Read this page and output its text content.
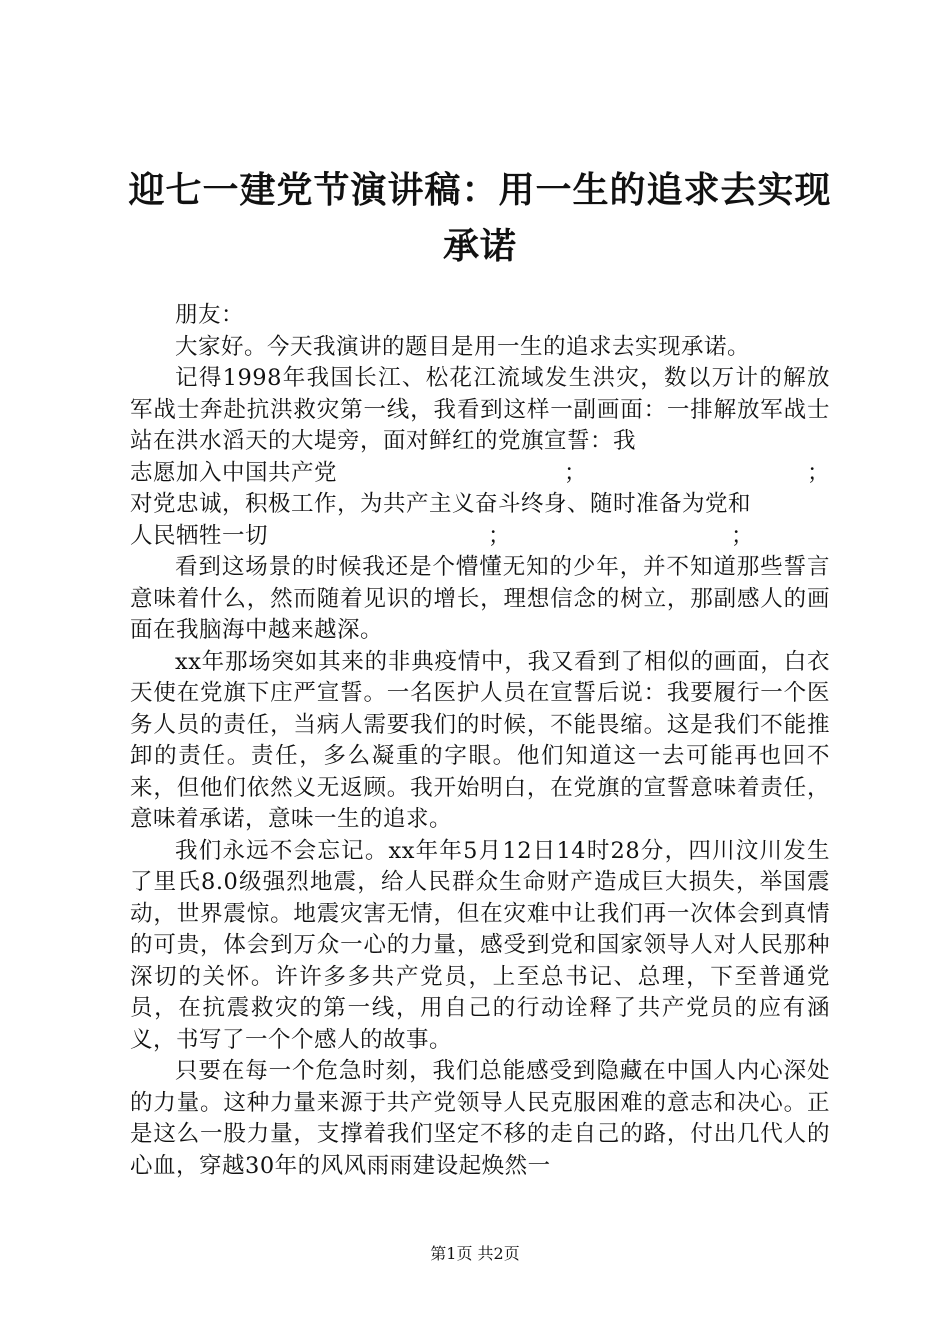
迎七一建党节演讲稿：用一生的追求去实现承诺

朋友：

大家好。今天我演讲的题目是用一生的追求去实现承诺。

记得1998年我国长江、松花江流域发生洪灾，数以万计的解放军战士奔赴抗洪救灾第一线，我看到这样一副画面：一排解放军战士站在洪水滔天的大堤旁，面对鲜红的党旗宣誓：我

志愿加入中国共产党	；	；
对党忠诚，积极工作，为共产主义奋斗终身、随时准备为党和
人民牺牲一切	；	；

看到这场景的时候我还是个懵懂无知的少年，并不知道那些誓言意味着什么，然而随着见识的增长，理想信念的树立，那副感人的画面在我脑海中越来越深。

xx年那场突如其来的非典疫情中，我又看到了相似的画面，白衣天使在党旗下庄严宣誓。一名医护人员在宣誓后说：我要履行一个医务人员的责任，当病人需要我们的时候，不能畏缩。这是我们不能推卸的责任。责任，多么凝重的字眼。他们知道这一去可能再也回不来，但他们依然义无返顾。我开始明白，在党旗的宣誓意味着责任，意味着承诺，意味一生的追求。

我们永远不会忘记。xx年年5月12日14时28分，四川汶川发生了里氏8.0级强烈地震，给人民群众生命财产造成巨大损失，举国震动，世界震惊。地震灾害无情，但在灾难中让我们再一次体会到真情的可贵，体会到万众一心的力量，感受到党和国家领导人对人民那种深切的关怀。许许多多共产党员，上至总书记、总理，下至普通党员，在抗震救灾的第一线，用自己的行动诠释了共产党员的应有涵义，书写了一个个感人的故事。

只要在每一个危急时刻，我们总能感受到隐藏在中国人内心深处的力量。这种力量来源于共产党领导人民克服困难的意志和决心。正是这么一股力量，支撑着我们坚定不移的走自己的路，付出几代人的心血，穿越30年的风风雨雨建设起焕然一

第1页 共2页
